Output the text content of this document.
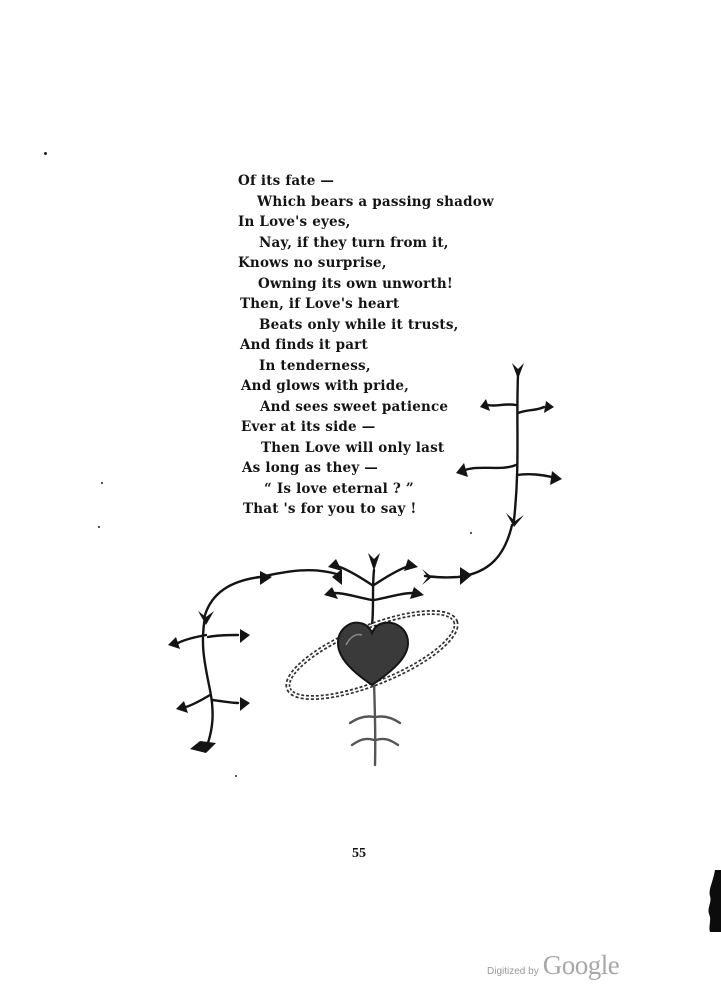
Of its fate —
Which bears a passing shadow
In Love's eyes,
Nay, if they turn from it,
Knows no surprise,
Owning its own unworth!
Then, if Love's heart
Beats only while it trusts,
And finds it part
In tenderness,
And glows with pride,
And sees sweet patience
Ever at its side —
Then Love will only last
As long as they —
“ Is love eternal ? ”
That 's for you to say !
55
Digitized by Google
